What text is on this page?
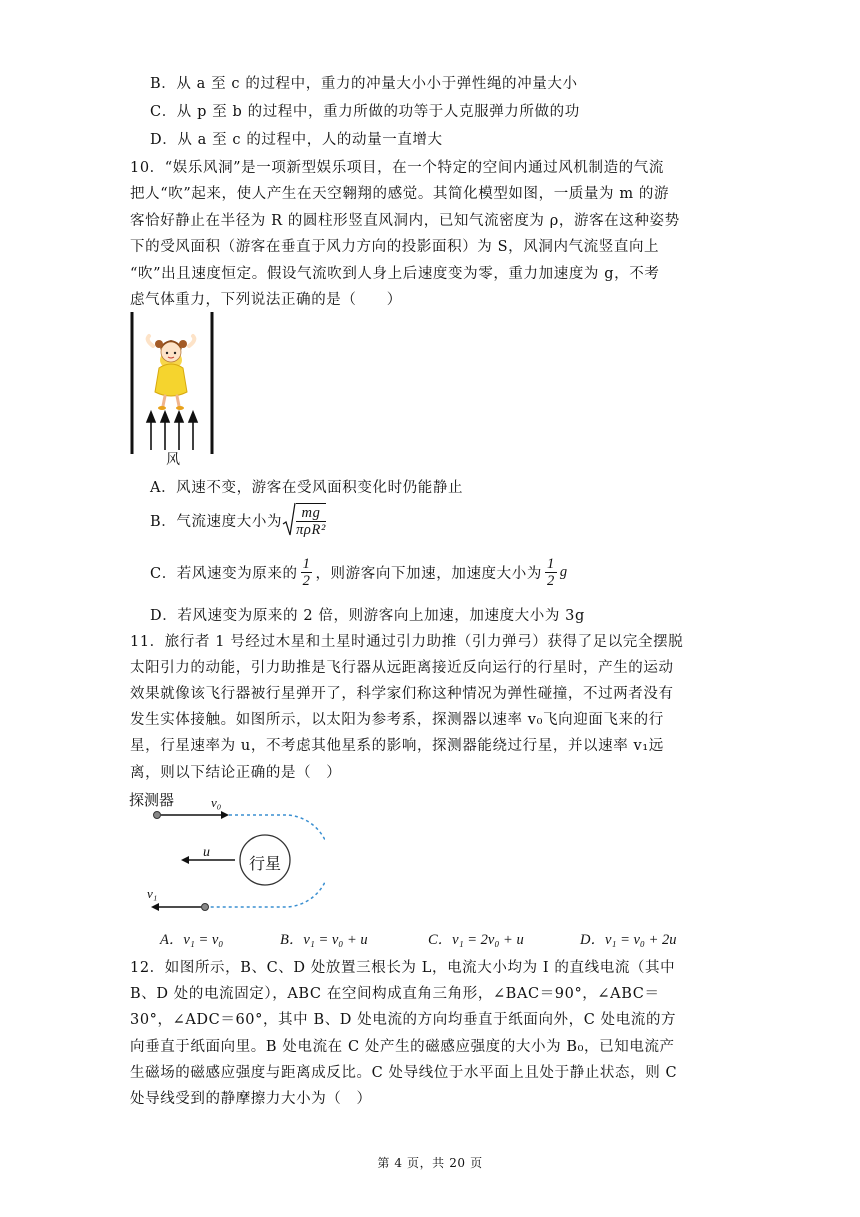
B．从 a 至 c 的过程中，重力的冲量大小小于弹性绳的冲量大小
C．从 p 至 b 的过程中，重力所做的功等于人克服弹力所做的功
D．从 a 至 c 的过程中，人的动量一直增大
10．“娱乐风洞”是一项新型娱乐项目，在一个特定的空间内通过风机制造的气流
把人“吹”起来，使人产生在天空翱翔的感觉。其简化模型如图，一质量为 m 的游
客恰好静止在半径为 R 的圆柱形竖直风洞内，已知气流密度为 ρ，游客在这种姿势
下的受风面积（游客在垂直于风力方向的投影面积）为 S，风洞内气流竖直向上
“吹”出且速度恒定。假设气流吹到人身上后速度变为零，重力加速度为 g，不考
虑气体重力，下列说法正确的是（　　）
风
A．风速不变，游客在受风面积变化时仍能静止
B．气流速度大小为 $\frac{mg}{\text{πρR²}}$
C．若风速变为原来的 $\frac{1}{2}$ ，则游客向下加速，加速度大小为 $\frac{1}{2}$ g
D．若风速变为原来的 2 倍，则游客向上加速，加速度大小为 3g
11．旅行者 1 号经过木星和土星时通过引力助推（引力弹弓）获得了足以完全摆脱
太阳引力的动能，引力助推是飞行器从远距离接近反向运行的行星时，产生的运动
效果就像该飞行器被行星弹开了，科学家们称这种情况为弹性碰撞，不过两者没有
发生实体接触。如图所示，以太阳为参考系，探测器以速率 v₀飞向迎面飞来的行
星，行星速率为 u，不考虑其他星系的影响，探测器能绕过行星，并以速率 v₁远
离，则以下结论正确的是（　）
探测器	v₀
u
行星
v₁
A．v₁ = v₀	B．v₁ = v₀ + u	C．v₁ = 2v₀ + u	D．v₁ = v₀ + 2u
12．如图所示，B、C、D 处放置三根长为 L，电流大小均为 I 的直线电流（其中
B、D 处的电流固定），ABC 在空间构成直角三角形，∠BAC＝90°，∠ABC＝
30°，∠ADC＝60°，其中 B、D 处电流的方向均垂直于纸面向外，C 处电流的方
向垂直于纸面向里。B 处电流在 C 处产生的磁感应强度的大小为 B₀，已知电流产
生磁场的磁感应强度与距离成反比。C 处导线位于水平面上且处于静止状态，则 C
处导线受到的静摩擦力大小为（　）
第 4 页，共 20 页
